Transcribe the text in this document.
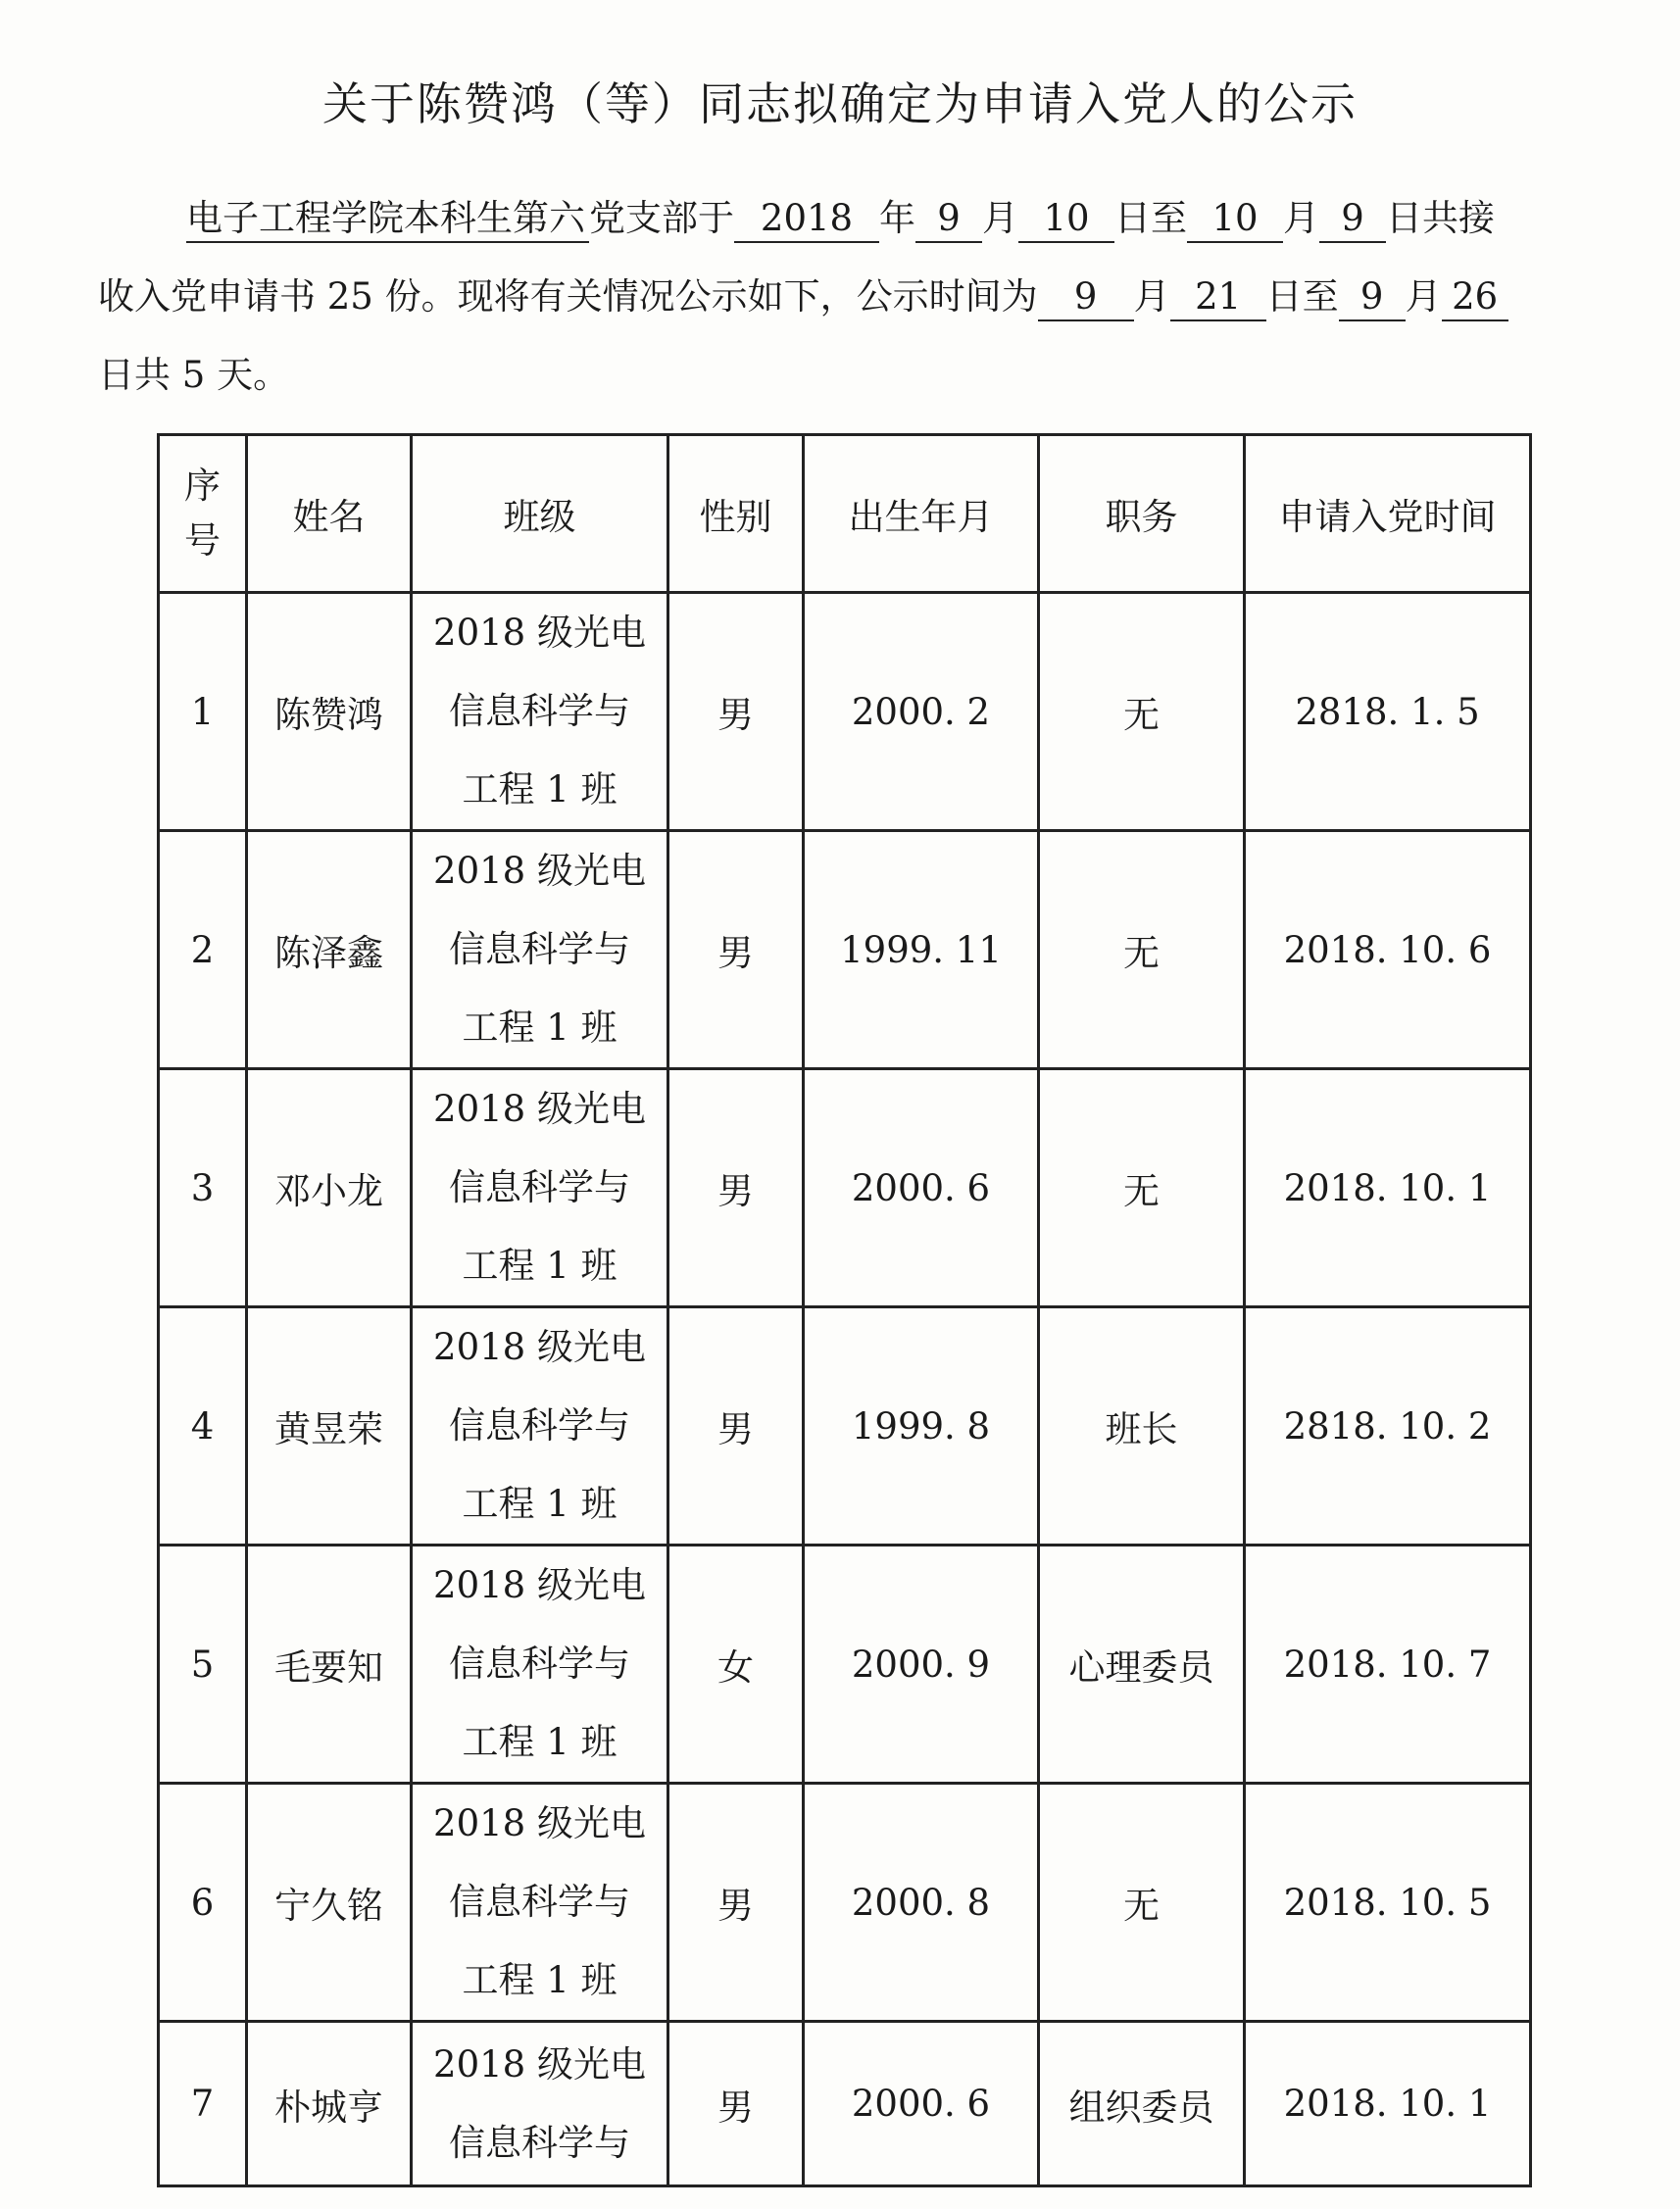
关于陈赞鸿（等）同志拟确定为申请入党人的公示
电子工程学院本科生第六 党支部于 2018 年 9 月 10 日至 10 月 9 日共接
收入党申请书 25 份。现将有关情况公示如下，公示时间为 9 月 21 日至 9 月 26
日共 5 天。
序
号	姓名	班级	性别	出生年月	职务	申请入党时间
1	陈赞鸿	2018 级光电
信息科学与
工程 1 班	男	2000. 2	无	2818. 1. 5
2	陈泽鑫	2018 级光电
信息科学与
工程 1 班	男	1999. 11	无	2018. 10. 6
3	邓小龙	2018 级光电
信息科学与
工程 1 班	男	2000. 6	无	2018. 10. 1
4	黄昱荣	2018 级光电
信息科学与
工程 1 班	男	1999. 8	班长	2818. 10. 2
5	毛要知	2018 级光电
信息科学与
工程 1 班	女	2000. 9	心理委员	2018. 10. 7
6	宁久铭	2018 级光电
信息科学与
工程 1 班	男	2000. 8	无	2018. 10. 5
7	朴城亨	2018 级光电
信息科学与	男	2000. 6	组织委员	2018. 10. 1
